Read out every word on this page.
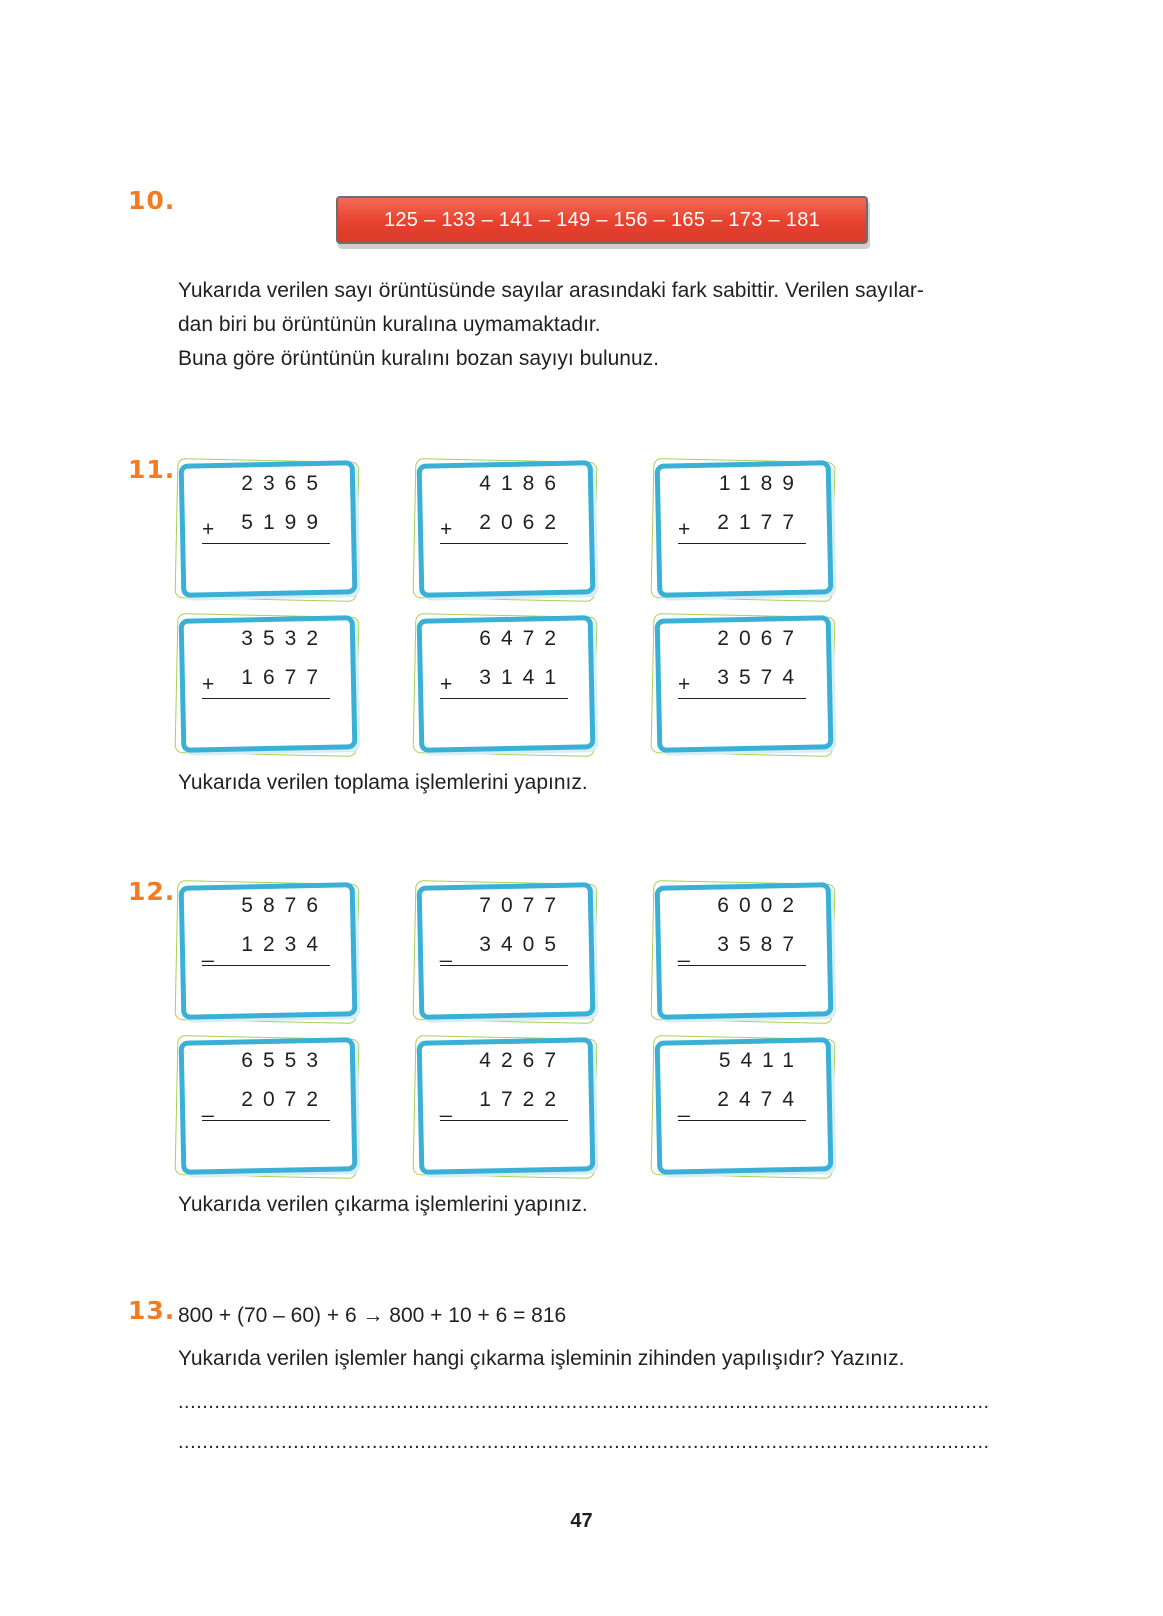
10.
125 – 133 – 141 – 149 – 156 – 165 – 173 – 181
Yukarıda verilen sayı örüntüsünde sayılar arasındaki fark sabittir. Verilen sayılar-
dan biri bu örüntünün kuralına uymamaktadır.
Buna göre örüntünün kuralını bozan sayıyı bulunuz.
11.	2365
+ 5199
4186
+ 2062
1189
+ 2177
3532
+ 1677
6472
+ 3141
2067
+ 3574
Yukarıda verilen toplama işlemlerini yapınız.
12.	5876
_ 1234
7077
_ 3405
6002
_ 3587
6553
_ 2072
4267
_ 1722
5411
_ 2474
Yukarıda verilen çıkarma işlemlerini yapınız.
13. 800 + (70 – 60) + 6 → 800 + 10 + 6 = 816
Yukarıda verilen işlemler hangi çıkarma işleminin zihinden yapılışıdır? Yazınız.
......................................................................................................................................
......................................................................................................................................
47
